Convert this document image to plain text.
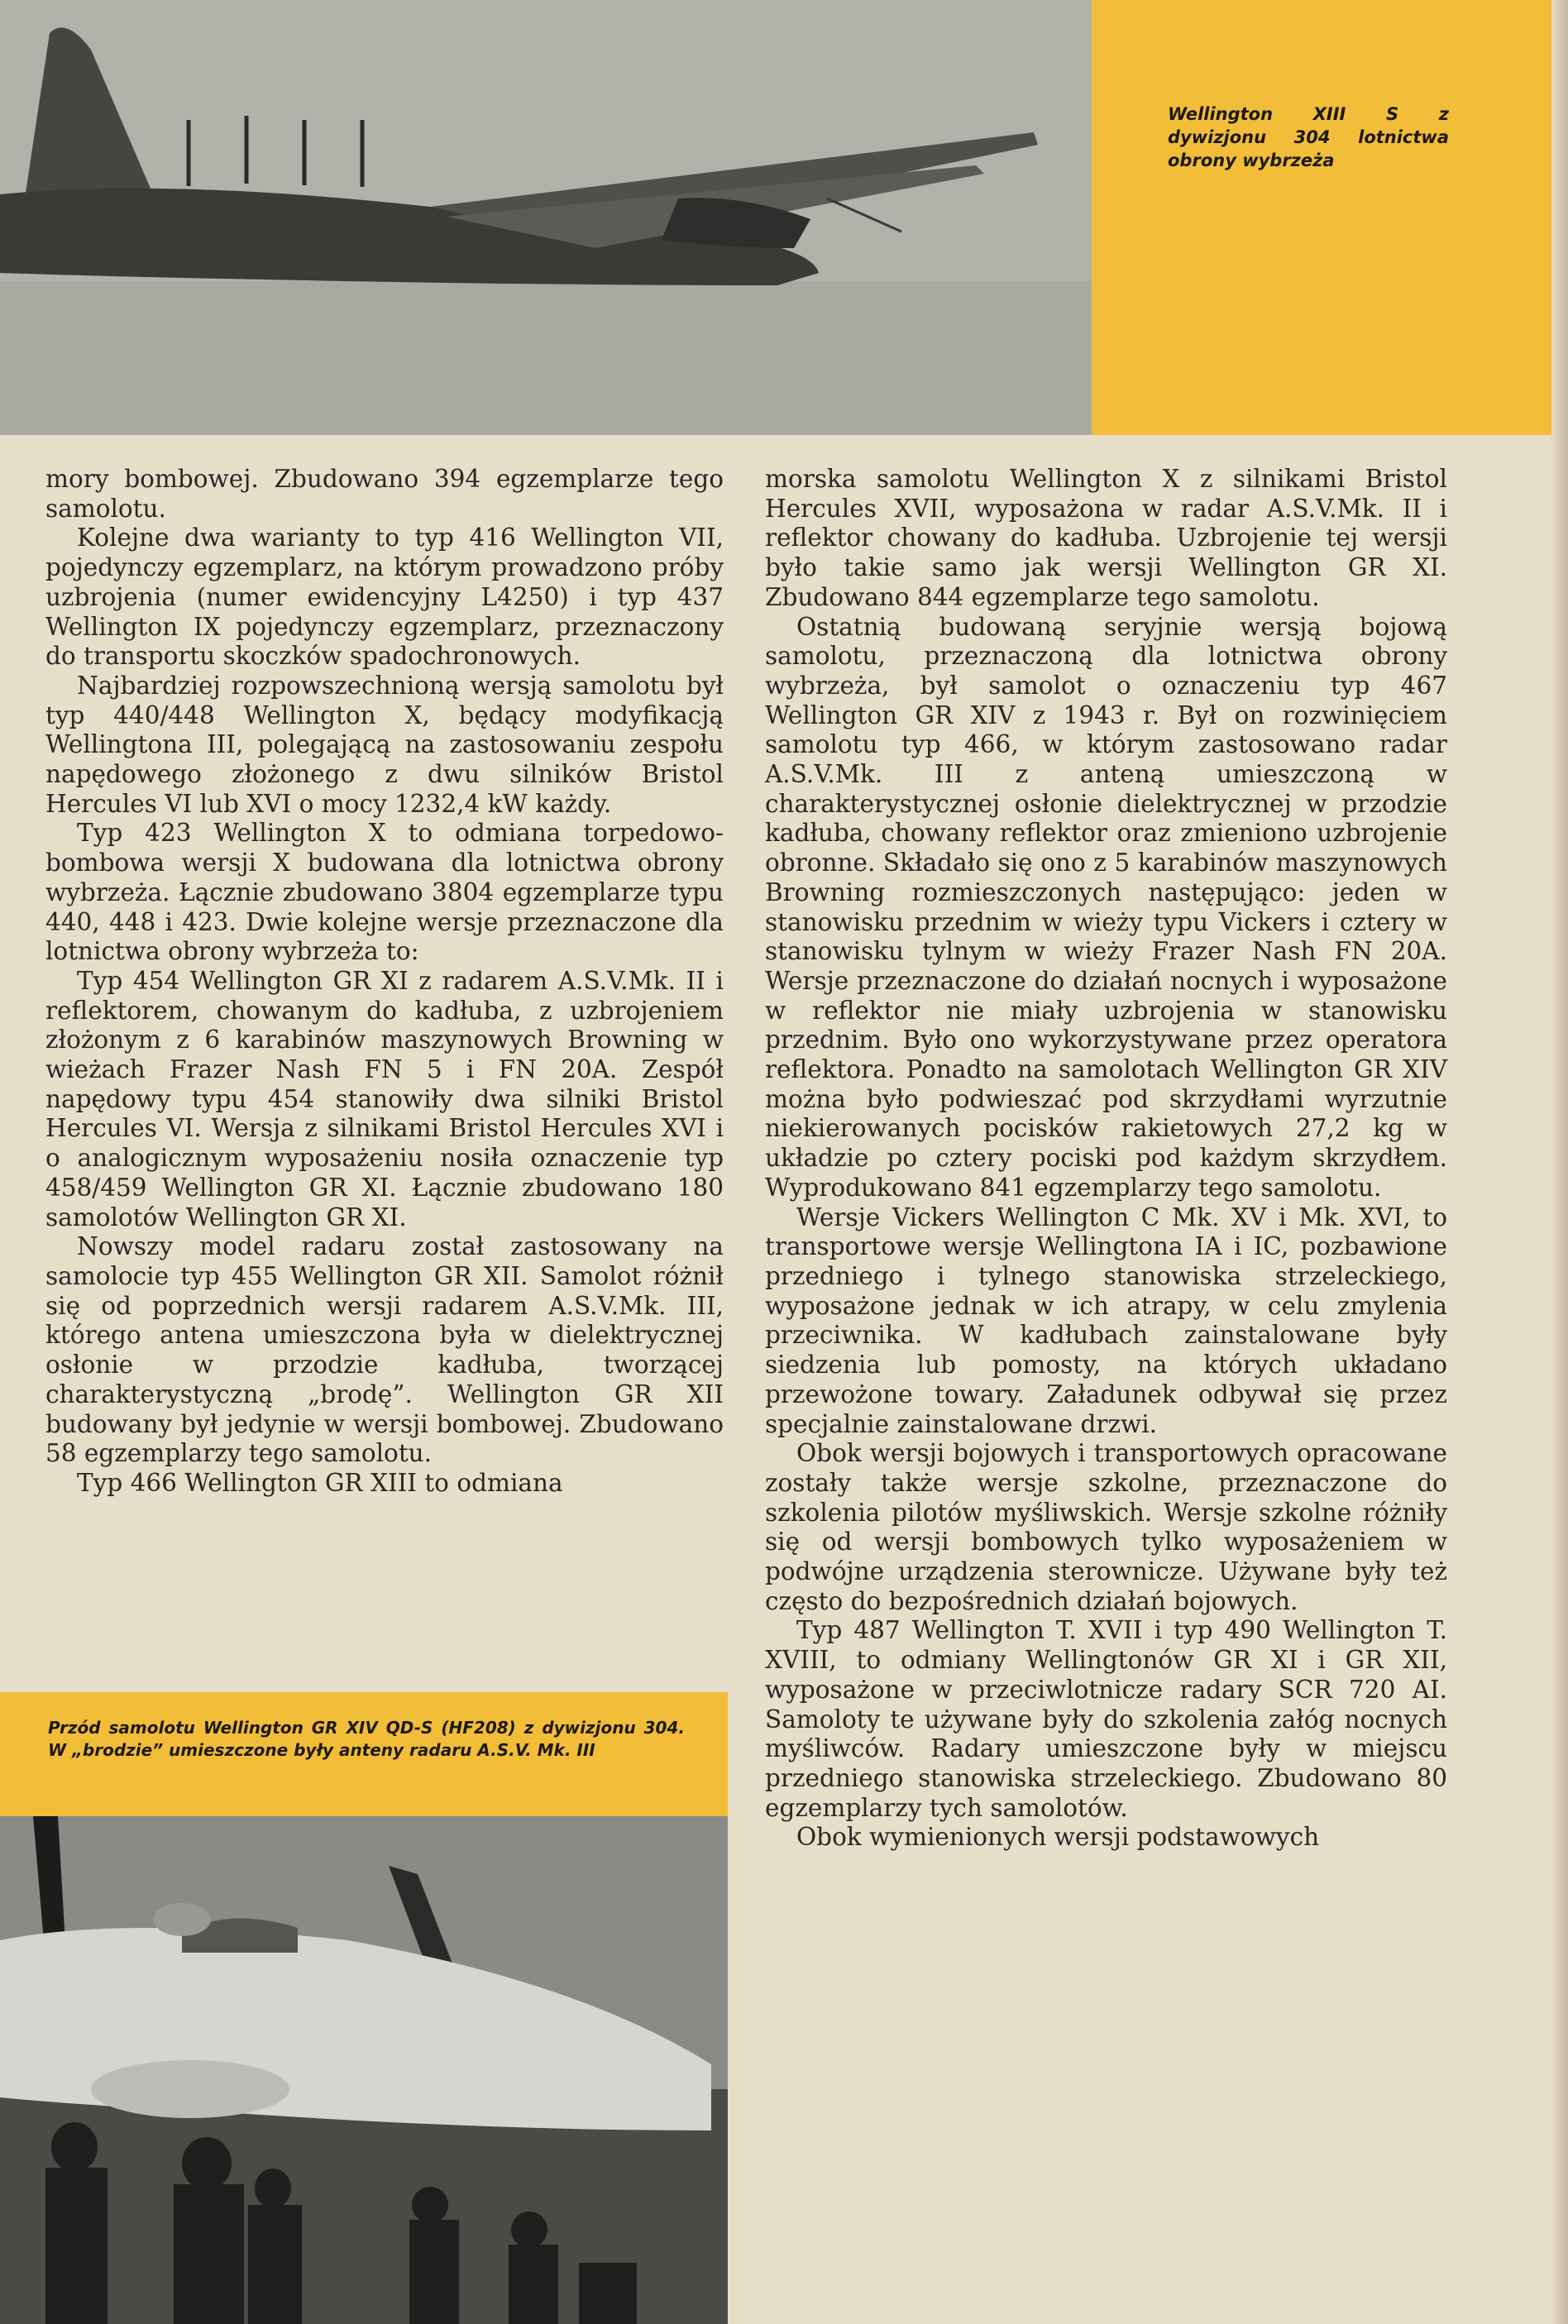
Wellington XIII S z dywizjonu 304 lotnictwa obrony wybrzeża

mory bombowej. Zbudowano 394 egzemplarze tego samolotu.

Kolejne dwa warianty to typ 416 Wellington VII, pojedynczy egzemplarz, na którym prowadzono próby uzbrojenia (numer ewidencyjny L4250) i typ 437 Wellington IX pojedynczy egzemplarz, przeznaczony do transportu skoczków spadochronowych.

Najbardziej rozpowszechnioną wersją samolotu był typ 440/448 Wellington X, będący modyfikacją Wellingtona III, polegającą na zastosowaniu zespołu napędowego złożonego z dwu silników Bristol Hercules VI lub XVI o mocy 1232,4 kW każdy.

Typ 423 Wellington X to odmiana torpedowo-bombowa wersji X budowana dla lotnictwa obrony wybrzeża. Łącznie zbudowano 3804 egzemplarze typu 440, 448 i 423. Dwie kolejne wersje przeznaczone dla lotnictwa obrony wybrzeża to:

Typ 454 Wellington GR XI z radarem A.S.V.Mk. II i reflektorem, chowanym do kadłuba, z uzbrojeniem złożonym z 6 karabinów maszynowych Browning w wieżach Frazer Nash FN 5 i FN 20A. Zespół napędowy typu 454 stanowiły dwa silniki Bristol Hercules VI. Wersja z silnikami Bristol Hercules XVI i o analogicznym wyposażeniu nosiła oznaczenie typ 458/459 Wellington GR XI. Łącznie zbudowano 180 samolotów Wellington GR XI.

Nowszy model radaru został zastosowany na samolocie typ 455 Wellington GR XII. Samolot różnił się od poprzednich wersji radarem A.S.V.Mk. III, którego antena umieszczona była w dielektrycznej osłonie w przodzie kadłuba, tworzącej charakterystyczną „brodę”. Wellington GR XII budowany był jedynie w wersji bombowej. Zbudowano 58 egzemplarzy tego samolotu.

Typ 466 Wellington GR XIII to odmiana

morska samolotu Wellington X z silnikami Bristol Hercules XVII, wyposażona w radar A.S.V.Mk. II i reflektor chowany do kadłuba. Uzbrojenie tej wersji było takie samo jak wersji Wellington GR XI. Zbudowano 844 egzemplarze tego samolotu.

Ostatnią budowaną seryjnie wersją bojową samolotu, przeznaczoną dla lotnictwa obrony wybrzeża, był samolot o oznaczeniu typ 467 Wellington GR XIV z 1943 r. Był on rozwinięciem samolotu typ 466, w którym zastosowano radar A.S.V.Mk. III z anteną umieszczoną w charakterystycznej osłonie dielektrycznej w przodzie kadłuba, chowany reflektor oraz zmieniono uzbrojenie obronne. Składało się ono z 5 karabinów maszynowych Browning rozmieszczonych następująco: jeden w stanowisku przednim w wieży typu Vickers i cztery w stanowisku tylnym w wieży Frazer Nash FN 20A. Wersje przeznaczone do działań nocnych i wyposażone w reflektor nie miały uzbrojenia w stanowisku przednim. Było ono wykorzystywane przez operatora reflektora. Ponadto na samolotach Wellington GR XIV można było podwieszać pod skrzydłami wyrzutnie niekierowanych pocisków rakietowych 27,2 kg w układzie po cztery pociski pod każdym skrzydłem. Wyprodukowano 841 egzemplarzy tego samolotu.

Wersje Vickers Wellington C Mk. XV i Mk. XVI, to transportowe wersje Wellingtona IA i IC, pozbawione przedniego i tylnego stanowiska strzeleckiego, wyposażone jednak w ich atrapy, w celu zmylenia przeciwnika. W kadłubach zainstalowane były siedzenia lub pomosty, na których układano przewożone towary. Załadunek odbywał się przez specjalnie zainstalowane drzwi.

Obok wersji bojowych i transportowych opracowane zostały także wersje szkolne, przeznaczone do szkolenia pilotów myśliwskich. Wersje szkolne różniły się od wersji bombowych tylko wyposażeniem w podwójne urządzenia sterownicze. Używane były też często do bezpośrednich działań bojowych.

Typ 487 Wellington T. XVII i typ 490 Wellington T. XVIII, to odmiany Wellingtonów GR XI i GR XII, wyposażone w przeciwlotnicze radary SCR 720 AI. Samoloty te używane były do szkolenia załóg nocnych myśliwców. Radary umieszczone były w miejscu przedniego stanowiska strzeleckiego. Zbudowano 80 egzemplarzy tych samolotów.

Obok wymienionych wersji podstawowych

Przód samolotu Wellington GR XIV QD-S (HF208) z dywizjonu 304. W „brodzie” umieszczone były anteny radaru A.S.V. Mk. III
